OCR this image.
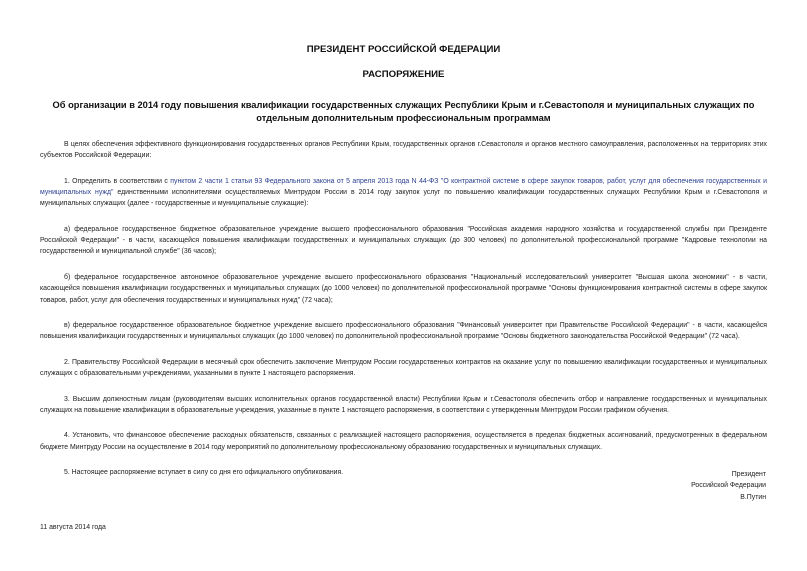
ПРЕЗИДЕНТ РОССИЙСКОЙ ФЕДЕРАЦИИ
РАСПОРЯЖЕНИЕ
Об организации в 2014 году повышения квалификации государственных служащих Республики Крым и г.Севастополя и муниципальных служащих по отдельным дополнительным профессиональным программам

В целях обеспечения эффективного функционирования государственных органов Республики Крым, государственных органов г.Севастополя и органов местного самоуправления, расположенных на территориях этих субъектов Российской Федерации:

1. Определить в соответствии с пунктом 2 части 1 статьи 93 Федерального закона от 5 апреля 2013 года N 44-ФЗ "О контрактной системе в сфере закупок товаров, работ, услуг для обеспечения государственных и муниципальных нужд" единственными исполнителями осуществляемых Минтрудом России в 2014 году закупок услуг по повышению квалификации государственных служащих Республики Крым и г.Севастополя и муниципальных служащих (далее - государственные и муниципальные служащие):

а) федеральное государственное бюджетное образовательное учреждение высшего профессионального образования "Российская академия народного хозяйства и государственной службы при Президенте Российской Федерации" - в части, касающейся повышения квалификации государственных и муниципальных служащих (до 300 человек) по дополнительной профессиональной программе "Кадровые технологии на государственной и муниципальной службе" (36 часов);

б) федеральное государственное автономное образовательное учреждение высшего профессионального образования "Национальный исследовательский университет "Высшая школа экономики" - в части, касающейся повышения квалификации государственных и муниципальных служащих (до 1000 человек) по дополнительной профессиональной программе "Основы функционирования контрактной системы в сфере закупок товаров, работ, услуг для обеспечения государственных и муниципальных нужд" (72 часа);

в) федеральное государственное образовательное бюджетное учреждение высшего профессионального образования "Финансовый университет при Правительстве Российской Федерации" - в части, касающейся повышения квалификации государственных и муниципальных служащих (до 1000 человек) по дополнительной профессиональной программе "Основы бюджетного законодательства Российской Федерации" (72 часа).

2. Правительству Российской Федерации в месячный срок обеспечить заключение Минтрудом России государственных контрактов на оказание услуг по повышению квалификации государственных и муниципальных служащих с образовательными учреждениями, указанными в пункте 1 настоящего распоряжения.

3. Высшим должностным лицам (руководителям высших исполнительных органов государственной власти) Республики Крым и г.Севастополя обеспечить отбор и направление государственных и муниципальных служащих на повышение квалификации в образовательные учреждения, указанные в пункте 1 настоящего распоряжения, в соответствии с утвержденным Минтрудом России графиком обучения.

4. Установить, что финансовое обеспечение расходных обязательств, связанных с реализацией настоящего распоряжения, осуществляется в пределах бюджетных ассигнований, предусмотренных в федеральном бюджете Минтруду России на осуществление в 2014 году мероприятий по дополнительному профессиональному образованию государственных и муниципальных служащих.

5. Настоящее распоряжение вступает в силу со дня его официального опубликования.	Президент
Российской Федерации
В.Путин
11 августа 2014 года
